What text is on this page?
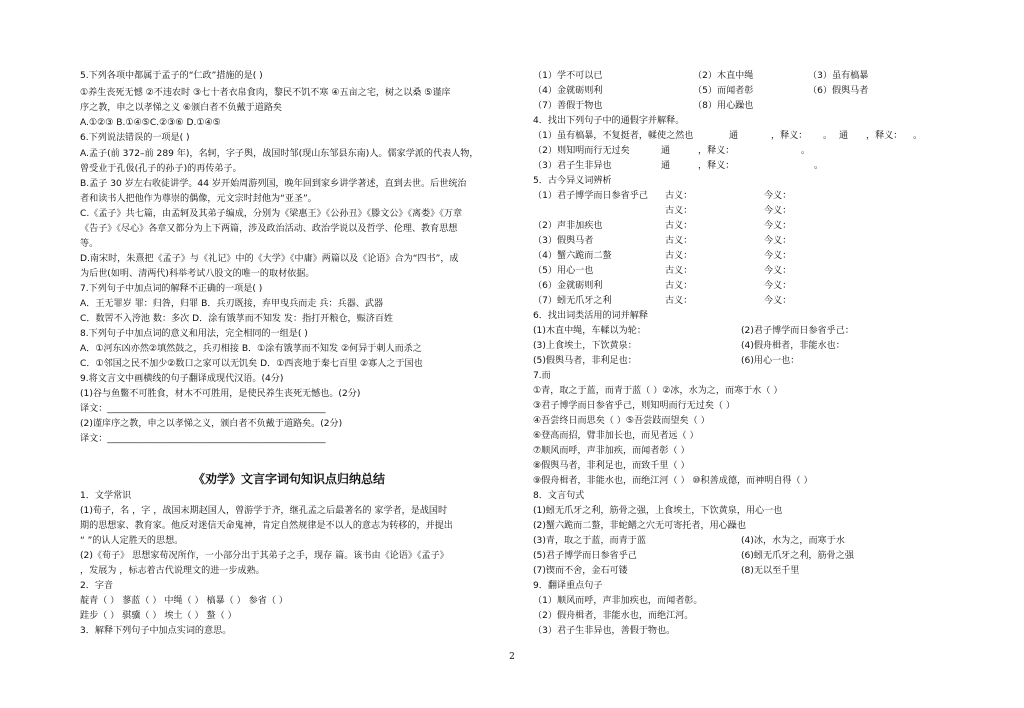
5.下列各项中都属于孟子的“仁政”措施的是( )
①养生丧死无憾 ②不违农时 ③七十者衣帛食肉，黎民不饥不寒 ④五亩之宅，树之以桑 ⑤谨庠
序之教，申之以孝悌之义 ⑥颁白者不负戴于道路矣
A.①②③ B.①④⑤C.②③⑥ D.①④⑤
6.下列说法错误的一项是( )
A.孟子(前 372–前 289 年)，名轲，字子舆，战国时邹(现山东邹县东南)人。儒家学派的代表人物，
曾受业于孔伋(孔子的孙子)的再传弟子。
B.孟子 30 岁左右收徒讲学。44 岁开始周游列国，晚年回到家乡讲学著述，直到去世。后世统治
者和读书人把他作为尊崇的偶像，元文宗时封他为“亚圣”。
C.《孟子》共七篇，由孟轲及其弟子编成，分别为《梁惠王》《公孙丑》《滕文公》《离娄》《万章
《告子》《尽心》各章又都分为上下两篇，涉及政治活动、政治学说以及哲学、伦理、教育思想
等。
D.南宋时，朱熹把《孟子》与《礼记》中的《大学》《中庸》两篇以及《论语》合为“四书”，成
为后世(如明、清两代)科举考试八股文的唯一的取材依据。
7.下列句子中加点词的解释不正确的一项是( )
A．王无罪岁 罪：归咎，归罪 B．兵刃既接，弃甲曳兵而走 兵：兵器、武器
C．数罟不入洿池 数：多次 D．涂有饿莩而不知发 发：指打开粮仓，赈济百姓
8.下列句子中加点词的意义和用法，完全相同的一组是( )
A．①河东凶亦然②填然鼓之，兵刃相接 B．①涂有饿莩而不知发 ②何异于刺人而杀之
C．①邻国之民不加少②数口之家可以无饥矣 D．①西丧地于秦七百里 ②寡人之于国也
9.将文言文中画横线的句子翻译成现代汉语。(4分)
(1)谷与鱼鳖不可胜食，材木不可胜用，是使民养生丧死无憾也。(2分)
译文：________________________________________________
(2)谨庠序之教，申之以孝悌之义，颁白者不负戴于道路矣。(2分)
译文：________________________________________________
《劝学》文言字词句知识点归纳总结
1．文学常识
(1)荀子，名 ，字 ，战国末期赵国人，曾游学于齐，继孔孟之后最著名的 家学者，是战国时
期的思想家、教育家。他反对迷信天命鬼神，肯定自然规律是不以人的意志为转移的，并提出
“ ”的认人定胜天的思想。
(2)《荀子》 思想家荀况所作，一小部分出于其弟子之手，现存 篇。该书由《论语》《孟子》
，发展为 ，标志着古代说理文的进一步成熟。
2．字音
靛青（ ） 蓼蓝（ ） 中绳（ ） 槁暴（ ） 参省（ ）
跬步（ ） 骐骥（ ） 埃土（ ） 螯（ ）
3．解释下列句子中加点实词的意思。
（1）学不可以已	（2）木直中绳	（3）虽有槁暴
（4）金就砺则利	（5）而闻者彰	（6）假舆马者
（7）善假于物也	（8）用心躁也
4．找出下列句子中的通假字并解释。
（1）虽有槁暴，不复挺者，輮使之然也	通	，释义： 。 通 ，释义： 。
（2）则知明而行无过矣	通	，释义：	。
（3）君子生非异也	通	，释义：	。
5．古今异义词辨析
（1）君子博学而日参省乎己 古义：	今义：
古义：	今义：
（2）声非加疾也	古义：	今义：
（3）假舆马者	古义：	今义：
（4）蟹六跪而二螯	古义：	今义：
（5）用心一也	古义：	今义：
（6）金就砺则利	古义：	今义：
（7）蚓无爪牙之利	古义：	今义：
6．找出词类活用的词并解释
(1)木直中绳，车輮以为轮：	(2)君子博学而日参省乎己：
(3)上食埃土，下饮黄泉：	(4)假舟楫者，非能水也：
(5)假舆马者，非利足也：	(6)用心一也：
7.而
①青，取之于蓝，而青于蓝（ ）②冰，水为之，而寒于水（ ）
③君子博学而日参省乎己，则知明而行无过矣（ ）
④吾尝终日而思矣（ ）⑤吾尝跂而望矣（ ）
⑥登高而招，臂非加长也，而见者远（ ）
⑦顺风而呼，声非加疾，而闻者彰（ ）
⑧假舆马者，非利足也，而致千里（ ）
⑨假舟楫者，非能水也，而绝江河（ ） ⑩积善成德，而神明自得（ ）
8．文言句式
(1)蚓无爪牙之利，筋骨之强，上食埃土，下饮黄泉，用心一也
(2)蟹六跪而二螯，非蛇鳝之穴无可寄托者，用心躁也
(3)青，取之于蓝，而青于蓝	(4)冰，水为之，而寒于水
(5)君子博学而日参省乎己	(6)蚓无爪牙之利，筋骨之强
(7)锲而不舍，金石可镂	(8)无以至千里
9．翻译重点句子
（1）顺风而呼，声非加疾也，而闻者彰。
（2）假舟楫者，非能水也，而绝江河。
（3）君子生非异也，善假于物也。
2
